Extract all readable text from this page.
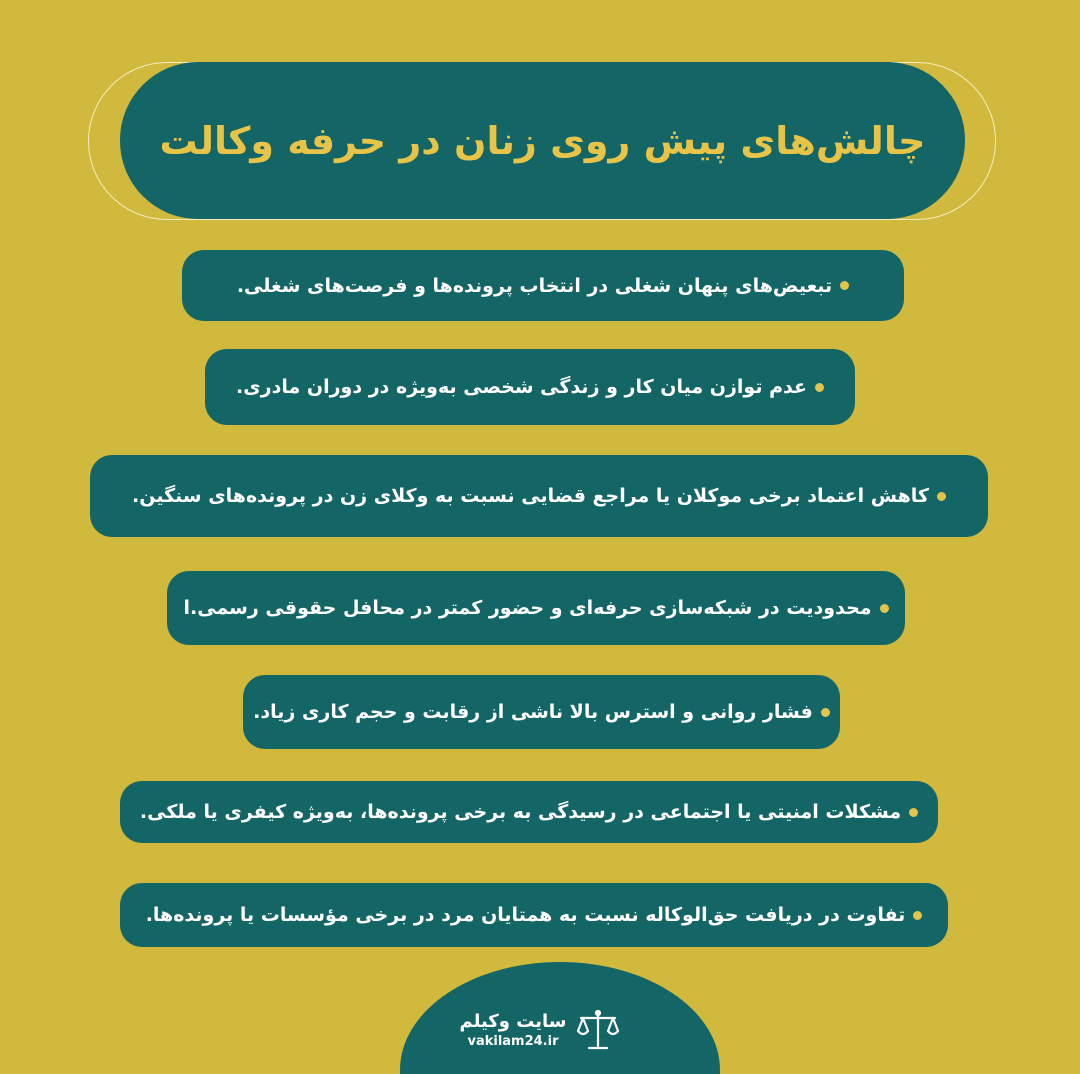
چالش‌های پیش روی زنان در حرفه وکالت
تبعیض‌های پنهان شغلی در انتخاب پرونده‌ها و فرصت‌های شغلی.
عدم توازن میان کار و زندگی شخصی به‌ویژه در دوران مادری.
کاهش اعتماد برخی موکلان یا مراجع قضایی نسبت به وکلای زن در پرونده‌های سنگین.
محدودیت در شبکه‌سازی حرفه‌ای و حضور کمتر در محافل حقوقی رسمی.ا
فشار روانی و استرس بالا ناشی از رقابت و حجم کاری زیاد.
مشکلات امنیتی یا اجتماعی در رسیدگی به برخی پرونده‌ها، به‌ویژه کیفری یا ملکی.
تفاوت در دریافت حق‌الوکاله نسبت به همتایان مرد در برخی مؤسسات یا پرونده‌ها.
سایت وکیلم
vakilam24.ir
